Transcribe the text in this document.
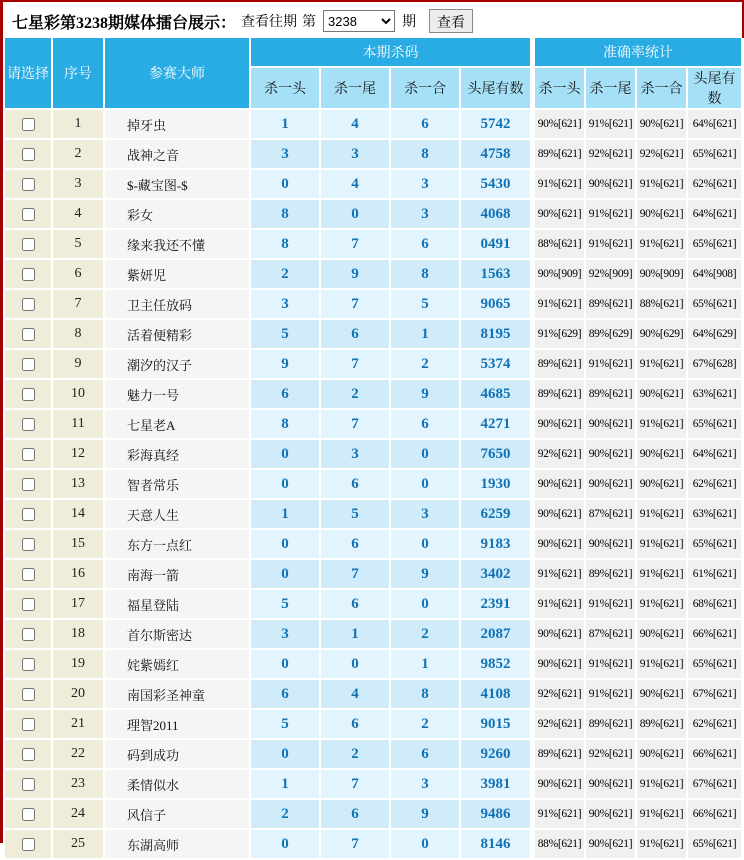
七星彩第3238期媒体擂台展示： 查看往期 第
3238	期	查看
请选择	序号	参赛大师	本期杀码					准确率统计			
			杀一头	杀一尾	杀一合	头尾有数		杀一头	杀一尾	杀一合	头尾有数
	1	掉牙虫	1	4	6	5742		90%[621]	91%[621]	90%[621]	64%[621]
	2	战神之音	3	3	8	4758		89%[621]	92%[621]	92%[621]	65%[621]
	3	$-藏宝图-$	0	4	3	5430		91%[621]	90%[621]	91%[621]	62%[621]
	4	彩女	8	0	3	4068		90%[621]	91%[621]	90%[621]	64%[621]
	5	缘来我还不懂	8	7	6	0491		88%[621]	91%[621]	91%[621]	65%[621]
	6	紫妍児	2	9	8	1563		90%[909]	92%[909]	90%[909]	64%[908]
	7	卫主任放码	3	7	5	9065		91%[621]	89%[621]	88%[621]	65%[621]
	8	活着便精彩	5	6	1	8195		91%[629]	89%[629]	90%[629]	64%[629]
	9	潮汐的汉子	9	7	2	5374		89%[621]	91%[621]	91%[621]	67%[628]
	10	魅力一号	6	2	9	4685		89%[621]	89%[621]	90%[621]	63%[621]
	11	七星老A	8	7	6	4271		90%[621]	90%[621]	91%[621]	65%[621]
	12	彩海真经	0	3	0	7650		92%[621]	90%[621]	90%[621]	64%[621]
	13	智者常乐	0	6	0	1930		90%[621]	90%[621]	90%[621]	62%[621]
	14	天意人生	1	5	3	6259		90%[621]	87%[621]	91%[621]	63%[621]
	15	东方一点红	0	6	0	9183		90%[621]	90%[621]	91%[621]	65%[621]
	16	南海一箭	0	7	9	3402		91%[621]	89%[621]	91%[621]	61%[621]
	17	福星登陆	5	6	0	2391		91%[621]	91%[621]	91%[621]	68%[621]
	18	首尔斯密达	3	1	2	2087		90%[621]	87%[621]	90%[621]	66%[621]
	19	姹紫嫣红	0	0	1	9852		90%[621]	91%[621]	91%[621]	65%[621]
	20	南国彩圣神童	6	4	8	4108		92%[621]	91%[621]	90%[621]	67%[621]
	21	理智2011	5	6	2	9015		92%[621]	89%[621]	89%[621]	62%[621]
	22	码到成功	0	2	6	9260		89%[621]	92%[621]	90%[621]	66%[621]
	23	柔情似水	1	7	3	3981		90%[621]	90%[621]	91%[621]	67%[621]
	24	风信子	2	6	9	9486		91%[621]	90%[621]	91%[621]	66%[621]
	25	东湖高师	0	7	0	8146		88%[621]	90%[621]	91%[621]	65%[621]
